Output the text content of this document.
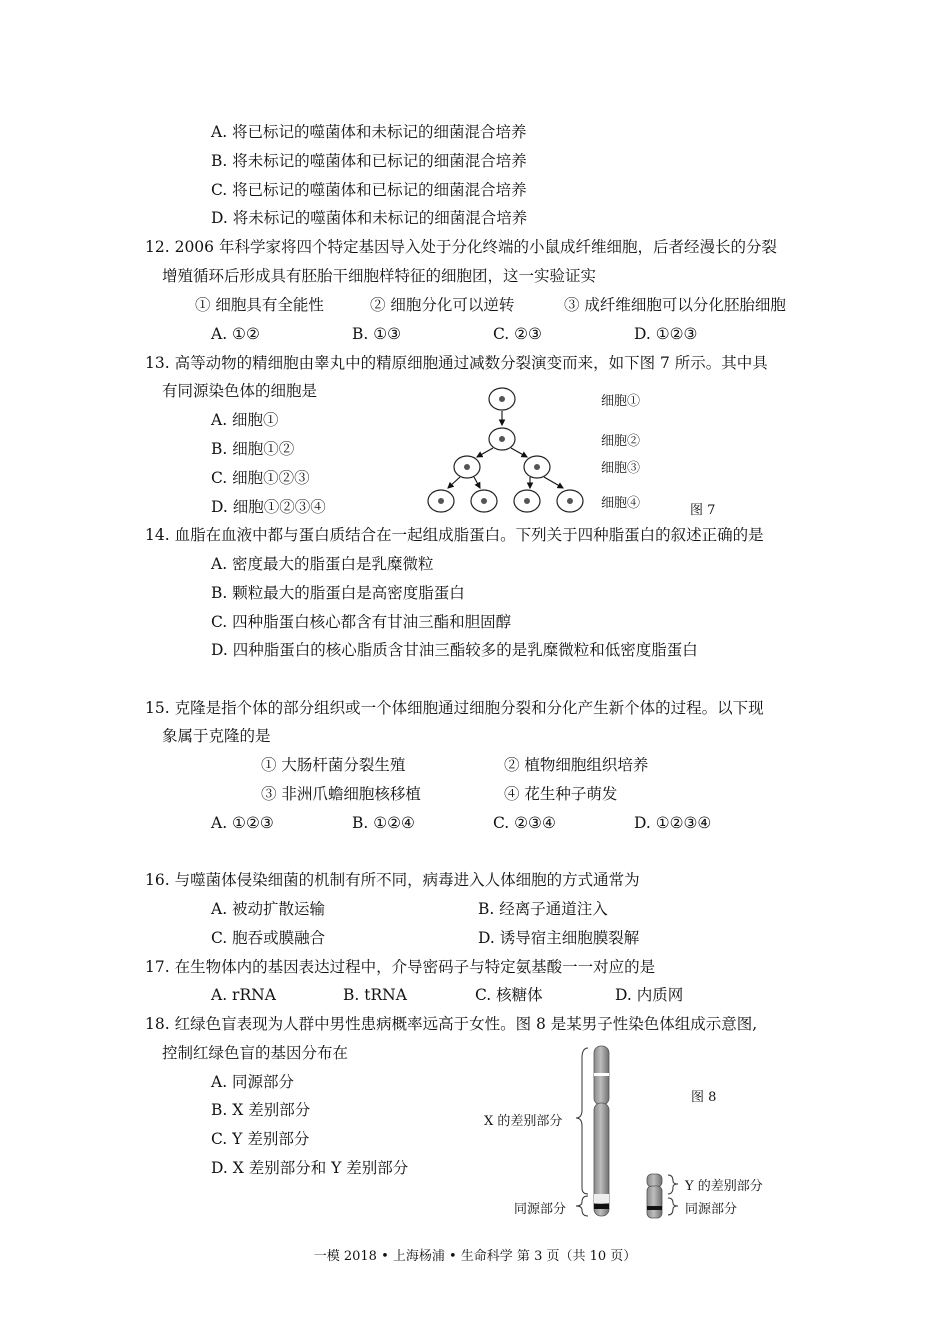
A. 将已标记的噬菌体和未标记的细菌混合培养
B. 将未标记的噬菌体和已标记的细菌混合培养
C. 将已标记的噬菌体和已标记的细菌混合培养
D. 将未标记的噬菌体和未标记的细菌混合培养
12. 2006 年科学家将四个特定基因导入处于分化终端的小鼠成纤维细胞，后者经漫长的分裂
增殖循环后形成具有胚胎干细胞样特征的细胞团，这一实验证实
① 细胞具有全能性	② 细胞分化可以逆转	③ 成纤维细胞可以分化胚胎细胞
A. ①②	B. ①③	C. ②③	D. ①②③
13. 高等动物的精细胞由睾丸中的精原细胞通过减数分裂演变而来，如下图 7 所示。其中具
有同源染色体的细胞是
A. 细胞①
B. 细胞①②
C. 细胞①②③
D. 细胞①②③④
细胞①
细胞②
细胞③
细胞④	图 7
14. 血脂在血液中都与蛋白质结合在一起组成脂蛋白。下列关于四种脂蛋白的叙述正确的是
A. 密度最大的脂蛋白是乳糜微粒
B. 颗粒最大的脂蛋白是高密度脂蛋白
C. 四种脂蛋白核心都含有甘油三酯和胆固醇
D. 四种脂蛋白的核心脂质含甘油三酯较多的是乳糜微粒和低密度脂蛋白
15. 克隆是指个体的部分组织或一个体细胞通过细胞分裂和分化产生新个体的过程。以下现
象属于克隆的是
① 大肠杆菌分裂生殖	② 植物细胞组织培养
③ 非洲爪蟾细胞核移植	④ 花生种子萌发
A. ①②③	B. ①②④	C. ②③④	D. ①②③④
16. 与噬菌体侵染细菌的机制有所不同，病毒进入人体细胞的方式通常为
A. 被动扩散运输	B. 经离子通道注入
C. 胞吞或膜融合	D. 诱导宿主细胞膜裂解
17. 在生物体内的基因表达过程中，介导密码子与特定氨基酸一一对应的是
A. rRNA	B. tRNA	C. 核糖体	D. 内质网
18. 红绿色盲表现为人群中男性患病概率远高于女性。图 8 是某男子性染色体组成示意图,
控制红绿色盲的基因分布在
A. 同源部分
B. X 差别部分
C. Y 差别部分
D. X 差别部分和 Y 差别部分
图 8
X 的差别部分
同源部分
Y 的差别部分
同源部分
一模 2018 • 上海杨浦 • 生命科学 第 3 页（共 10 页）
